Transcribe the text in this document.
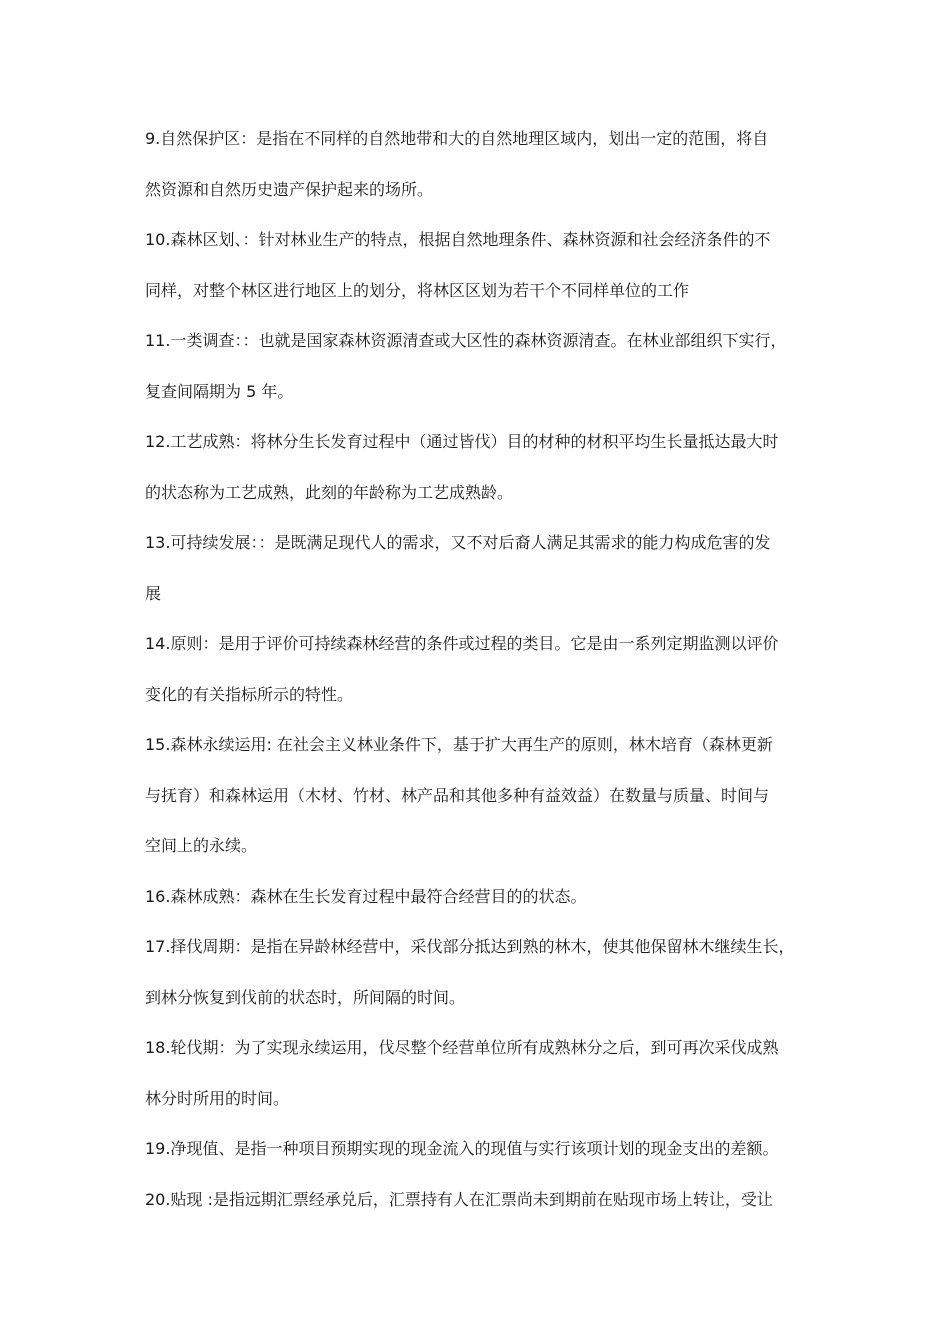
9.自然保护区：是指在不同样的自然地带和大的自然地理区域内，划出一定的范围，将自
然资源和自然历史遗产保护起来的场所。
10.森林区划、：针对林业生产的特点，根据自然地理条件、森林资源和社会经济条件的不
同样，对整个林区进行地区上的划分，将林区区划为若干个不同样单位的工作
11.一类调查：：也就是国家森林资源清查或大区性的森林资源清查。在林业部组织下实行，
复查间隔期为 5 年。
12.工艺成熟：将林分生长发育过程中（通过皆伐）目的材种的材积平均生长量抵达最大时
的状态称为工艺成熟，此刻的年龄称为工艺成熟龄。
13.可持续发展：：是既满足现代人的需求，又不对后裔人满足其需求的能力构成危害的发
展
14.原则：是用于评价可持续森林经营的条件或过程的类目。它是由一系列定期监测以评价
变化的有关指标所示的特性。
15.森林永续运用: 在社会主义林业条件下，基于扩大再生产的原则，林木培育（森林更新
与抚育）和森林运用（木材、竹材、林产品和其他多种有益效益）在数量与质量、时间与
空间上的永续。
16.森林成熟：森林在生长发育过程中最符合经营目的的状态。
17.择伐周期：是指在异龄林经营中，采伐部分抵达到熟的林木，使其他保留林木继续生长，
到林分恢复到伐前的状态时，所间隔的时间。
18.轮伐期：为了实现永续运用，伐尽整个经营单位所有成熟林分之后，到可再次采伐成熟
林分时所用的时间。
19.净现值、是指一种项目预期实现的现金流入的现值与实行该项计划的现金支出的差额。
20.贴现 :是指远期汇票经承兑后，汇票持有人在汇票尚未到期前在贴现市场上转让，受让
